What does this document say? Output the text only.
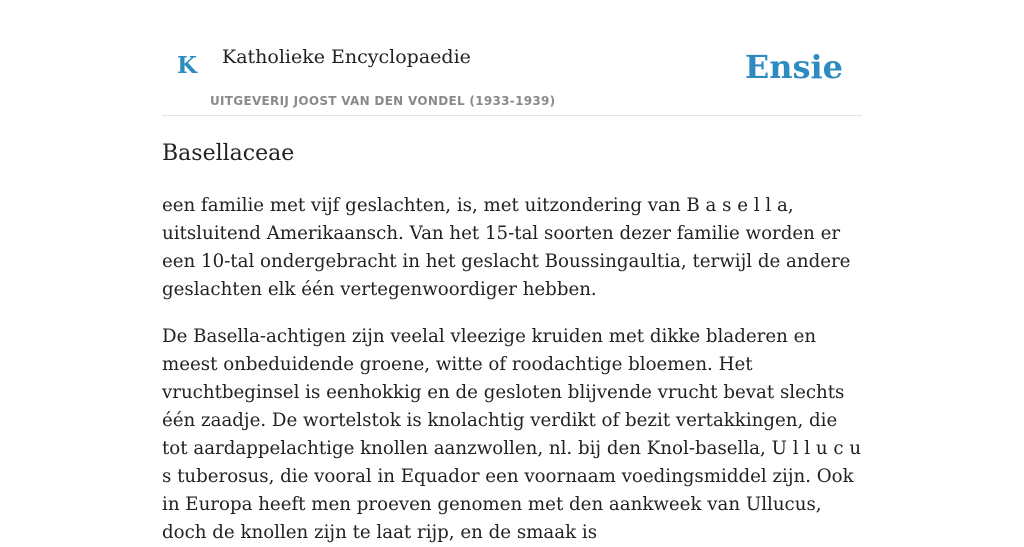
K Katholieke Encyclopaedie
UITGEVERIJ JOOST VAN DEN VONDEL (1933-1939)
Ensie
Basellaceae

een familie met vijf geslachten, is, met uitzondering van B a s e l l a, uitsluitend Amerikaansch. Van het 15-tal soorten dezer familie worden er een 10-tal ondergebracht in het geslacht Boussingaultia, terwijl de andere geslachten elk één vertegenwoordiger hebben.

De Basella-achtigen zijn veelal vleezige kruiden met dikke bladeren en meest onbeduidende groene, witte of roodachtige bloemen. Het vruchtbeginsel is eenhokkig en de gesloten blijvende vrucht bevat slechts één zaadje. De wortelstok is knolachtig verdikt of bezit vertakkingen, die tot aardappelachtige knollen aanzwollen, nl. bij den Knol-basella, U l l u c u s tuberosus, die vooral in Equador een voornaam voedingsmiddel zijn. Ook in Europa heeft men proeven genomen met den aankweek van Ullucus, doch de knollen zijn te laat rijp, en de smaak is
